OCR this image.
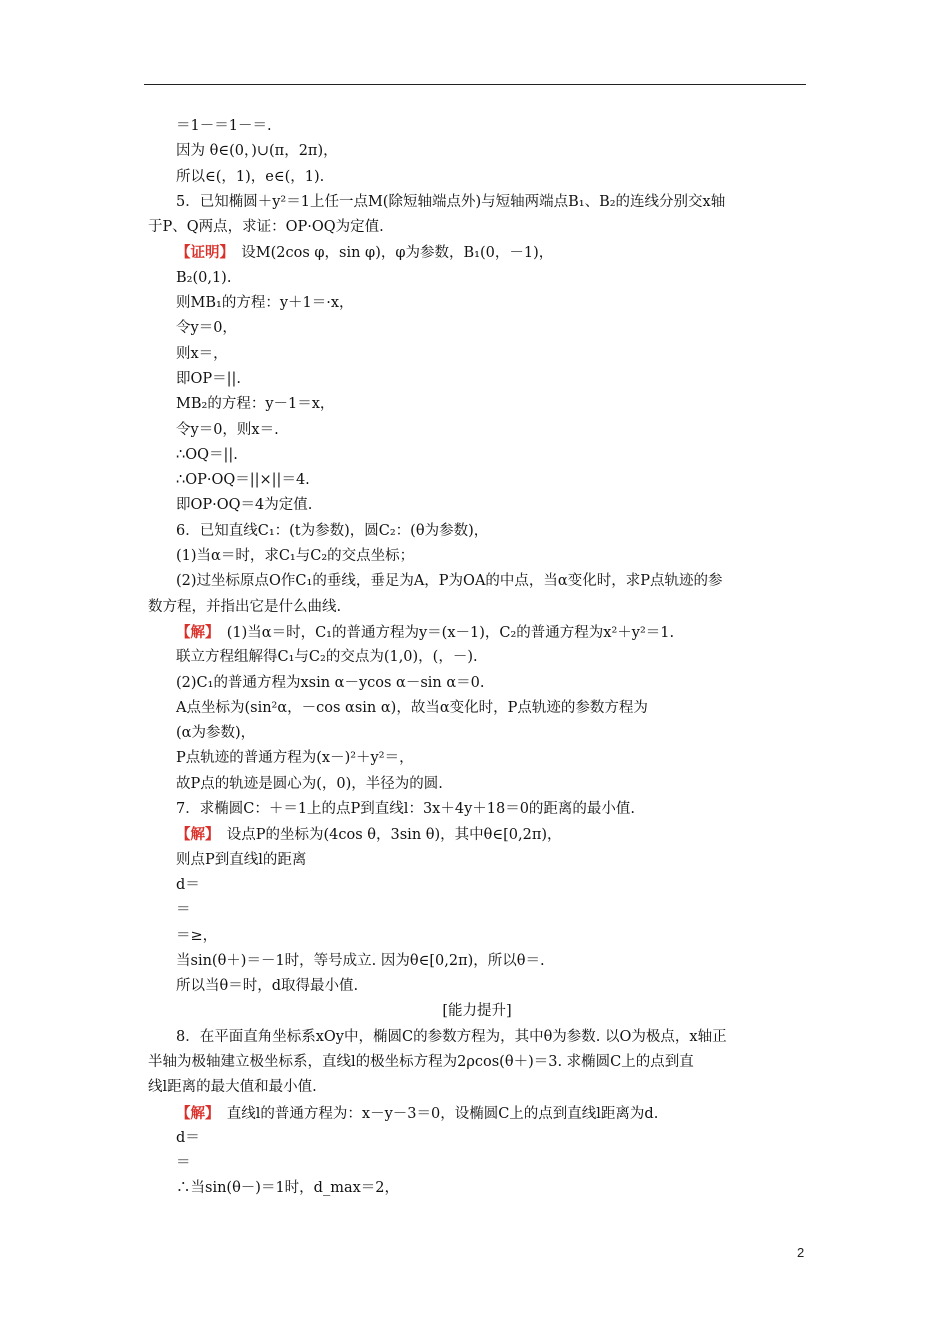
＝1－＝1－＝.
因为 θ∈(0，)∪(π，2π)，
所以∈(，1)，e∈(，1).
5．已知椭圆＋y²＝1上任一点M(除短轴端点外)与短轴两端点B₁、B₂的连线分别交x轴
于P、Q两点，求证：OP·OQ为定值.
【证明】　设M(2cos φ，sin φ)，φ为参数，B₁(0，－1)，
B₂(0,1).
则MB₁的方程：y＋1＝·x，
令y＝0，
则x＝，
即OP＝||.
MB₂的方程：y－1＝x，
令y＝0，则x＝.
∴OQ＝||.
∴OP·OQ＝||×||＝4.
即OP·OQ＝4为定值.
6．已知直线C₁：(t为参数)，圆C₂：(θ为参数)，
(1)当α＝时，求C₁与C₂的交点坐标；
(2)过坐标原点O作C₁的垂线，垂足为A，P为OA的中点，当α变化时，求P点轨迹的参
数方程，并指出它是什么曲线.
【解】　(1)当α＝时，C₁的普通方程为y＝(x－1)，C₂的普通方程为x²＋y²＝1.
联立方程组解得C₁与C₂的交点为(1,0)，(，－).
(2)C₁的普通方程为xsin α－ycos α－sin α＝0.
A点坐标为(sin²α，－cos αsin α)，故当α变化时，P点轨迹的参数方程为
(α为参数)，
P点轨迹的普通方程为(x－)²＋y²＝，
故P点的轨迹是圆心为(，0)，半径为的圆.
7．求椭圆C：＋＝1上的点P到直线l：3x＋4y＋18＝0的距离的最小值.
【解】　设点P的坐标为(4cos θ，3sin θ)，其中θ∈[0,2π)，
则点P到直线l的距离
d＝
＝
＝≥，
当sin(θ＋)＝－1时，等号成立. 因为θ∈[0,2π)，所以θ＝.
所以当θ＝时，d取得最小值.
[能力提升]
8．在平面直角坐标系xOy中，椭圆C的参数方程为，其中θ为参数. 以O为极点，x轴正
半轴为极轴建立极坐标系，直线l的极坐标方程为2ρcos(θ＋)＝3. 求椭圆C上的点到直
线l距离的最大值和最小值.
【解】　直线l的普通方程为：x－y－3＝0，设椭圆C上的点到直线l距离为d.
d＝
＝
∴当sin(θ－)＝1时，d_max＝2，
2
